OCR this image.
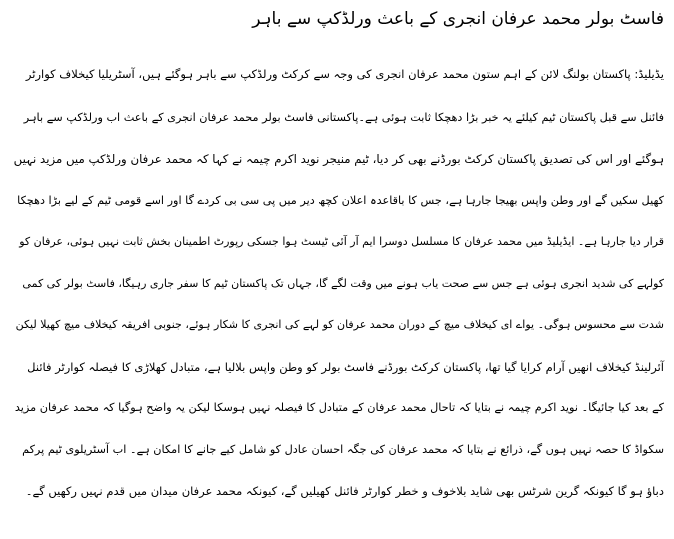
فاسٹ بولر محمد عرفان انجری کے باعث ورلڈکپ سے باہر
یڈیلیڈ: پاکستان بولنگ لائن کے اہم ستون محمد عرفان انجری کی وجہ سے کرکٹ ورلڈکپ سے باہر ہوگئے ہیں، آسٹریلیا کیخلاف کوارٹر
فائنل سے قبل پاکستان ٹیم کیلئے یہ خبر بڑا دھچکا ثابت ہوئی ہے۔پاکستانی فاسٹ بولر محمد عرفان انجری کے باعث اب ورلڈکپ سے باہر
ہوگئے اور اس کی تصدیق پاکستان کرکٹ بورڈنے بھی کر دیا، ٹیم منیجر نوید اکرم چیمہ نے کہا کہ محمد عرفان ورلڈکپ میں مزید نہیں
کھیل سکیں گے اور وطن واپس بھیجا جارہا ہے، جس کا باقاعدہ اعلان کچھ دیر میں پی سی بی کردے گا اور اسے قومی ٹیم کے لیے بڑا دھچکا
قرار دیا جارہا ہے۔ ایڈیلیڈ میں محمد عرفان کا مسلسل دوسرا ایم آر آئی ٹیسٹ ہوا جسکی رپورٹ اطمینان بخش ثابت نہیں ہوئی، عرفان کو
کولہے کی شدید انجری ہوئی ہے جس سے صحت یاب ہونے میں وقت لگے گا، جہاں تک پاکستان ٹیم کا سفر جاری رہیگا، فاسٹ بولر کی کمی
شدت سے محسوس ہوگی۔ یواے ای کیخلاف میچ کے دوران محمد عرفان کو لہے کی انجری کا شکار ہوئے، جنوبی افریقہ کیخلاف میچ کھیلا لیکن
آئرلینڈ کیخلاف انھیں آرام کرایا گیا تھا، پاکستان کرکٹ بورڈنے فاسٹ بولر کو وطن واپس بلالیا ہے، متبادل کھلاڑی کا فیصلہ کوارٹر فائنل
کے بعد کیا جائیگا۔ نوید اکرم چیمہ نے بتایا کہ تاحال محمد عرفان کے متبادل کا فیصلہ نہیں ہوسکا لیکن یہ واضح ہوگیا کہ محمد عرفان مزید
سکواڈ کا حصہ نہیں ہوں گے، ذرائع نے بتایا کہ محمد عرفان کی جگہ احسان عادل کو شامل کیے جانے کا امکان ہے۔ اب آسٹریلوی ٹیم پرکم
دباؤ ہو گا کیونکہ گرین شرٹس بھی شاید بلاخوف و خطر کوارٹر فائنل کھیلیں گے، کیونکہ محمد عرفان میدان میں قدم نہیں رکھیں گے۔
